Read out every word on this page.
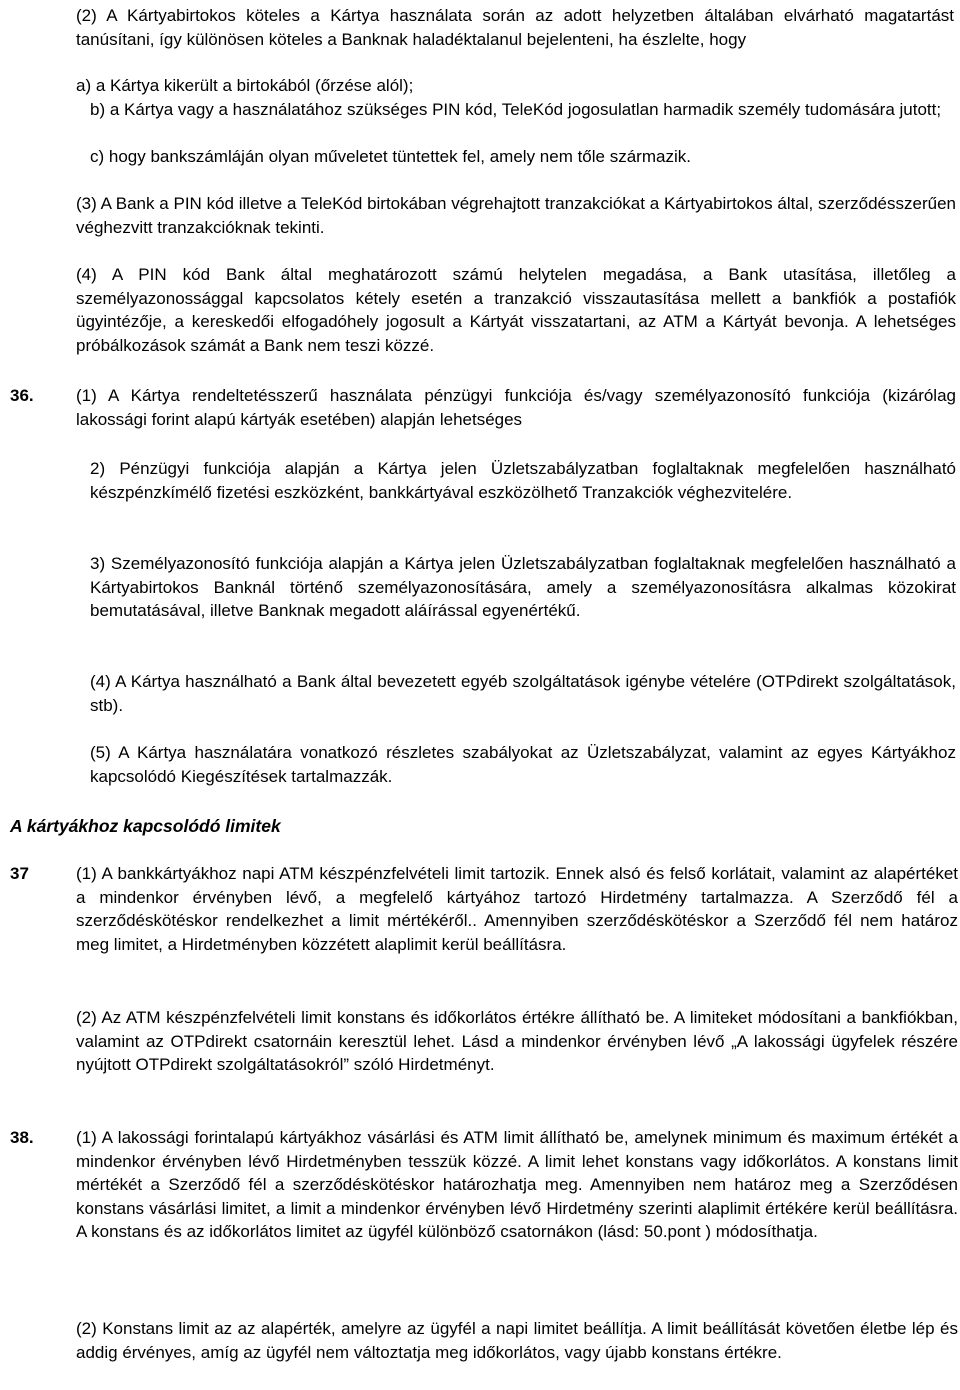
(2) A Kártyabirtokos köteles a Kártya használata során az adott helyzetben általában elvárható magatartást tanúsítani, így különösen köteles a Banknak haladéktalanul bejelenteni, ha észlelte, hogy

a) a Kártya kikerült a birtokából (őrzése alól);

b) a Kártya vagy a használatához szükséges PIN kód, TeleKód jogosulatlan harmadik személy tudomására jutott;

c) hogy bankszámláján olyan műveletet tüntettek fel, amely nem tőle származik.

(3) A Bank a PIN kód illetve a TeleKód birtokában végrehajtott tranzakciókat a Kártyabirtokos által, szerződésszerűen véghezvitt tranzakcióknak tekinti.

(4) A PIN kód Bank által meghatározott számú helytelen megadása, a Bank utasítása, illetőleg a személyazonossággal kapcsolatos kétely esetén a tranzakció visszautasítása mellett a bankfiók a postafiók ügyintézője, a kereskedői elfogadóhely jogosult a Kártyát visszatartani, az ATM a Kártyát bevonja. A lehetséges próbálkozások számát a Bank nem teszi közzé.

36. (1) A Kártya rendeltetésszerű használata pénzügyi funkciója és/vagy személyazonosító funkciója (kizárólag lakossági forint alapú kártyák esetében) alapján lehetséges

2) Pénzügyi funkciója alapján a Kártya jelen Üzletszabályzatban foglaltaknak megfelelően használható készpénzkímélő fizetési eszközként, bankkártyával eszközölhető Tranzakciók véghezvitelére.

3) Személyazonosító funkciója alapján a Kártya jelen Üzletszabályzatban foglaltaknak megfelelően használható a Kártyabirtokos Banknál történő személyazonosítására, amely a személyazonosításra alkalmas közokirat bemutatásával, illetve Banknak megadott aláírással egyenértékű.

(4) A Kártya használható a Bank által bevezetett egyéb szolgáltatások igénybe vételére (OTPdirekt szolgáltatások, stb).

(5) A Kártya használatára vonatkozó részletes szabályokat az Üzletszabályzat, valamint az egyes Kártyákhoz kapcsolódó Kiegészítések tartalmazzák.

A kártyákhoz kapcsolódó limitek

37	(1) A bankkártyákhoz napi ATM készpénzfelvételi limit tartozik. Ennek alsó és felső korlátait, valamint az alapértéket a mindenkor érvényben lévő, a megfelelő kártyához tartozó Hirdetmény tartalmazza. A Szerződő fél a szerződéskötéskor rendelkezhet a limit mértékéről.. Amennyiben szerződéskötéskor a Szerződő fél nem határoz meg limitet, a Hirdetményben közzétett alaplimit kerül beállításra.

(2) Az ATM készpénzfelvételi limit konstans és időkorlátos értékre állítható be. A limiteket módosítani a bankfiókban, valamint az OTPdirekt csatornáin keresztül lehet. Lásd a mindenkor érvényben lévő „A lakossági ügyfelek részére nyújtott OTPdirekt szolgáltatásokról” szóló Hirdetményt.

38. (1) A lakossági forintalapú kártyákhoz vásárlási és ATM limit állítható be, amelynek minimum és maximum értékét a mindenkor érvényben lévő Hirdetményben tesszük közzé. A limit lehet konstans vagy időkorlátos. A konstans limit mértékét a Szerződő fél a szerződéskötéskor határozhatja meg. Amennyiben nem határoz meg a Szerződésen konstans vásárlási limitet, a limit a mindenkor érvényben lévő Hirdetmény szerinti alaplimit értékére kerül beállításra. A konstans és az időkorlátos limitet az ügyfél különböző csatornákon (lásd: 50.pont ) módosíthatja.

(2) Konstans limit az az alapérték, amelyre az ügyfél a napi limitet beállítja. A limit beállítását követően életbe lép és addig érvényes, amíg az ügyfél nem változtatja meg időkorlátos, vagy újabb konstans értékre.
